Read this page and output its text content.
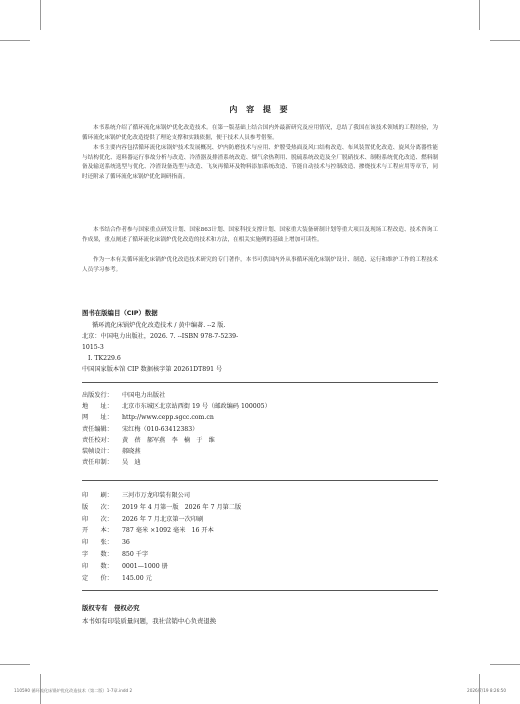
内 容 提 要

本书系统介绍了循环流化床锅炉优化改造技术。在第一版基础上结合国内外最新研究及应用情况，总结了我国在该技术领域的工程经验，为循环流化床锅炉优化改造提供了理论支撑和实践依据，便于技术人员参考借鉴。

本书主要内容包括循环流化床锅炉技术发展概况、炉内防磨技术与应用、炉膛受热面及风口结构改造、布风装置优化改造、旋风分离器性能与结构优化、返料器运行事故分析与改造、冷渣器及排渣系统改造、烟气余热利用、脱硫系统改造及全厂脱硝技术、制粉系统优化改造、燃料制备及输送系统选型与优化、冷渣设备选型与改造、飞灰再循环及物料添加系统改造、节能自动技术与控制改造、掺烧技术与工程应用等章节，同时还附录了循环流化床锅炉优化调研指南。

本书结合作者参与国家重点研发计划、国家863计划、国家科技支撑计划、国家重大装备研制计划等重大项目及现场工程改造、技术咨询工作成果，重点阐述了循环流化床锅炉优化改造的技术和方法，在相关实施例的基础上增加可读性。

作为一本有关循环流化床锅炉优化改造技术研究的专门著作，本书可供国内外从事循环流化床锅炉设计、制造、运行和维护工作的工程技术人员学习参考。

图书在版编目（CIP）数据
循环流化床锅炉优化改造技术 / 黄中编著. --2 版.
北京：中国电力出版社，2026. 7. --ISBN 978-7-5239-
1015-3
Ⅰ. TK229.6
中国国家版本馆 CIP 数据核字第 20261DT891 号
出版发行：	中国电力出版社
地　　址：	北京市东城区北京站西街 19 号（邮政编码 100005）
网　　址：	http://www.cepp.sgcc.com.cn
责任编辑：	宋红梅（010-63412383）
责任校对：	黄　蓓　郝军燕　李　楠　于　维
装帧设计：	郝晓燕
责任印制：	吴　迪
印　　刷：	三河市万龙印装有限公司
版　　次：	2019 年 4 月第一版　2026 年 7 月第二版
印　　次：	2026 年 7 月北京第一次印刷
开　　本：	787 毫米 ×1092 毫米　16 开本
印　　张：	36
字　　数：	850 千字
印　　数：	0001—1000 册
定　　价：	145.00 元
版权专有　侵权必究
本书如有印装质量问题，我社营销中心负责退换
110590 循环流化床锅炉优化改造技术（第二版）1-7章.indd 2	2026/7/19 8:26:50
